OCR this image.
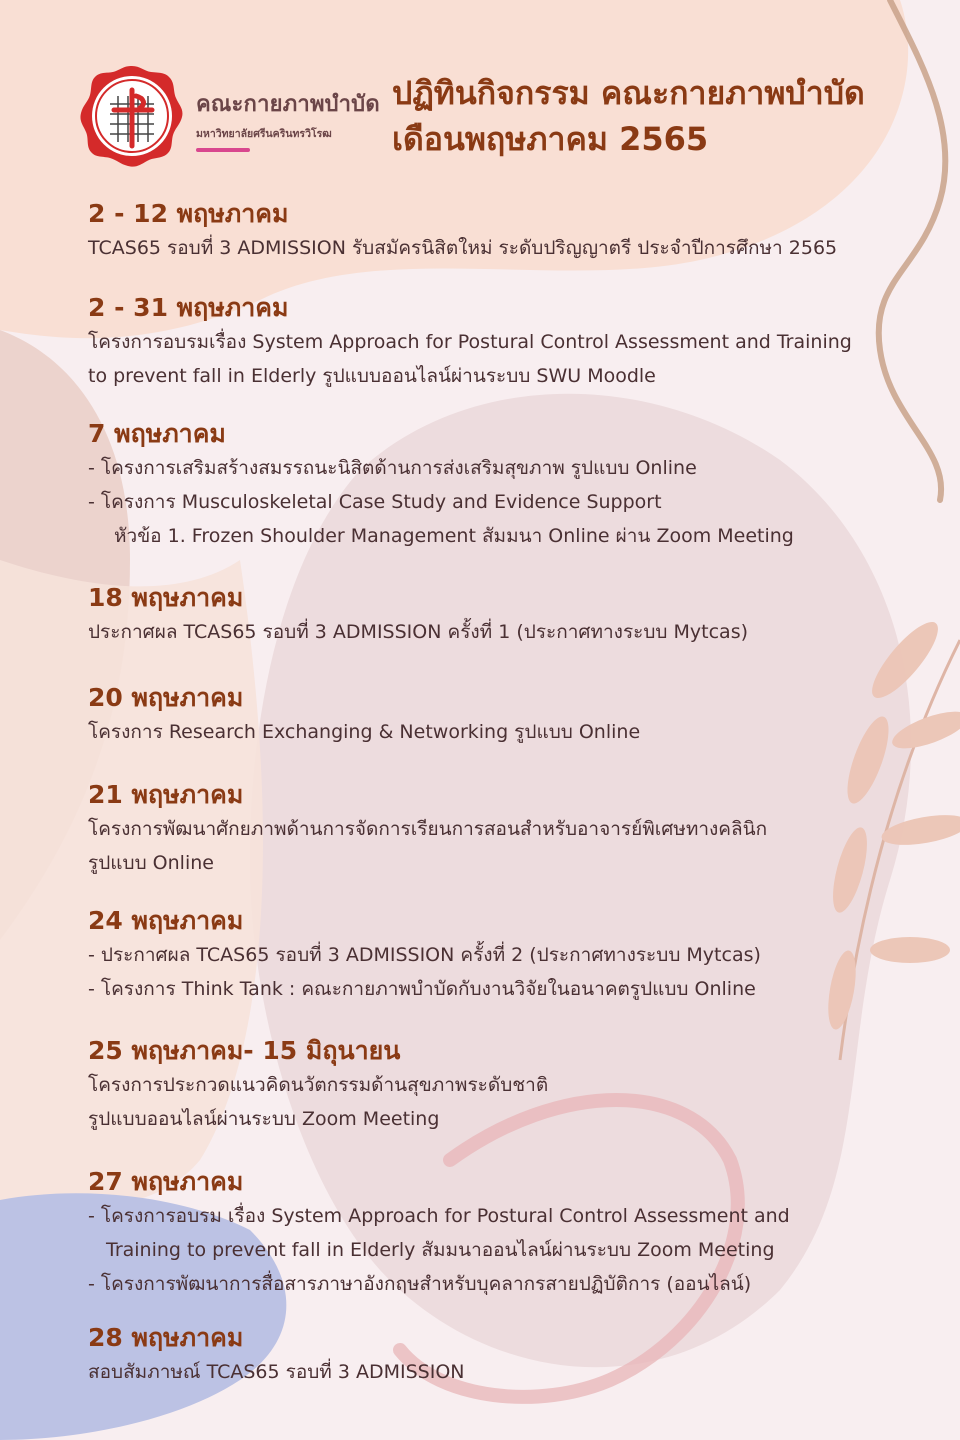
คณะกายภาพบำบัด
มหาวิทยาลัยศรีนครินทรวิโรฒ
ปฏิทินกิจกรรม คณะกายภาพบำบัด
เดือนพฤษภาคม 2565
2 - 12 พฤษภาคม
TCAS65 รอบที่ 3 ADMISSION รับสมัครนิสิตใหม่ ระดับปริญญาตรี ประจำปีการศึกษา 2565
2 - 31 พฤษภาคม
โครงการอบรมเรื่อง System Approach for Postural Control Assessment and Training
to prevent fall in Elderly รูปแบบออนไลน์ผ่านระบบ SWU Moodle
7 พฤษภาคม
- โครงการเสริมสร้างสมรรถนะนิสิตด้านการส่งเสริมสุขภาพ รูปแบบ Online
- โครงการ Musculoskeletal Case Study and Evidence Support
หัวข้อ 1. Frozen Shoulder Management สัมมนา Online ผ่าน Zoom Meeting
18 พฤษภาคม
ประกาศผล TCAS65 รอบที่ 3 ADMISSION ครั้งที่ 1 (ประกาศทางระบบ Mytcas)
20 พฤษภาคม
โครงการ Research Exchanging & Networking รูปแบบ Online
21 พฤษภาคม
โครงการพัฒนาศักยภาพด้านการจัดการเรียนการสอนสำหรับอาจารย์พิเศษทางคลินิก
รูปแบบ Online
24 พฤษภาคม
- ประกาศผล TCAS65 รอบที่ 3 ADMISSION ครั้งที่ 2 (ประกาศทางระบบ Mytcas)
- โครงการ Think Tank : คณะกายภาพบำบัดกับงานวิจัยในอนาคตรูปแบบ Online
25 พฤษภาคม- 15 มิถุนายน
โครงการประกวดแนวคิดนวัตกรรมด้านสุขภาพระดับชาติ
รูปแบบออนไลน์ผ่านระบบ Zoom Meeting
27 พฤษภาคม
- โครงการอบรม เรื่อง System Approach for Postural Control Assessment and
Training to prevent fall in Elderly สัมมนาออนไลน์ผ่านระบบ Zoom Meeting
- โครงการพัฒนาการสื่อสารภาษาอังกฤษสำหรับบุคลากรสายปฏิบัติการ (ออนไลน์)
28 พฤษภาคม
สอบสัมภาษณ์ TCAS65 รอบที่ 3 ADMISSION
